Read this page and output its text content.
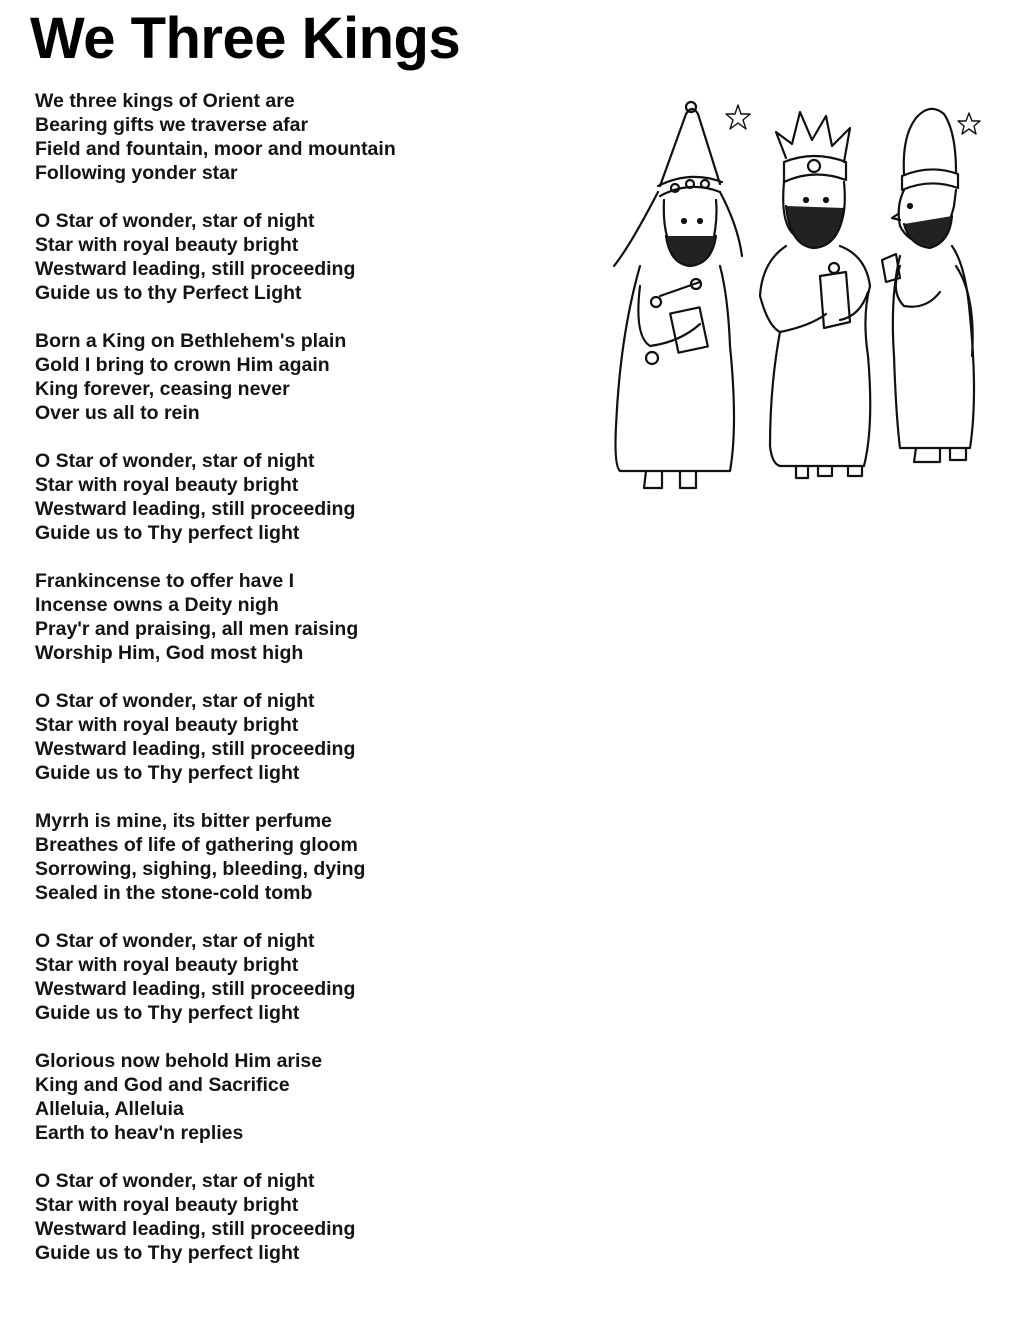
We Three Kings
We three kings of Orient are
Bearing gifts we traverse afar
Field and fountain, moor and mountain
Following yonder star
O Star of wonder, star of night
Star with royal beauty bright
Westward leading, still proceeding
Guide us to thy Perfect Light
Born a King on Bethlehem's plain
Gold I bring to crown Him again
King forever, ceasing never
Over us all to rein
O Star of wonder, star of night
Star with royal beauty bright
Westward leading, still proceeding
Guide us to Thy perfect light
Frankincense to offer have I
Incense owns a Deity nigh
Pray'r and praising, all men raising
Worship Him, God most high
O Star of wonder, star of night
Star with royal beauty bright
Westward leading, still proceeding
Guide us to Thy perfect light
Myrrh is mine, its bitter perfume
Breathes of life of gathering gloom
Sorrowing, sighing, bleeding, dying
Sealed in the stone-cold tomb
O Star of wonder, star of night
Star with royal beauty bright
Westward leading, still proceeding
Guide us to Thy perfect light
Glorious now behold Him arise
King and God and Sacrifice
Alleluia, Alleluia
Earth to heav'n replies
O Star of wonder, star of night
Star with royal beauty bright
Westward leading, still proceeding
Guide us to Thy perfect light
